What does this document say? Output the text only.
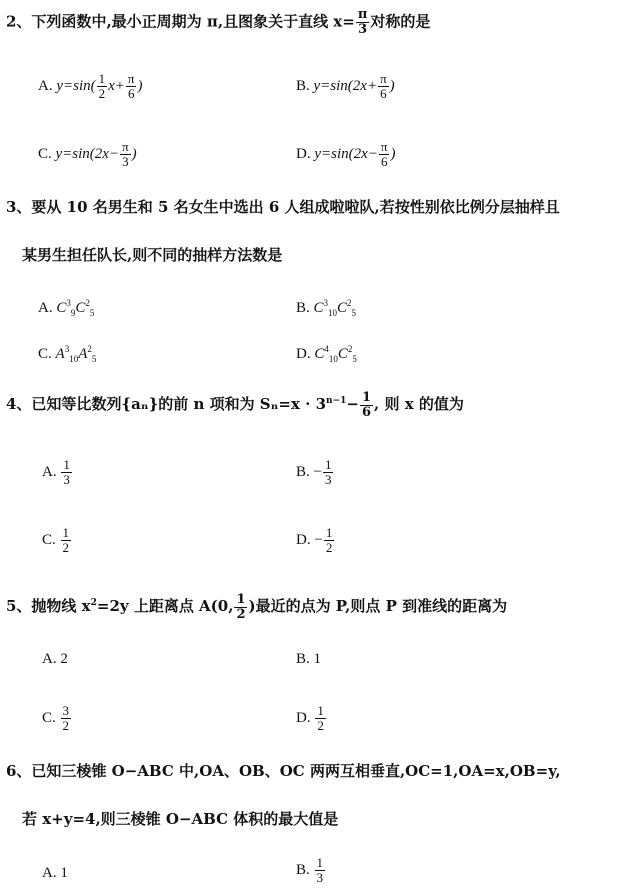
2、下列函数中,最小正周期为 π,且图象关于直线 $x= \frac{\pi}{3}$ 对称的是
A. $y=\sin( \frac{1}{2} x+ \frac{\pi}{6}$ )	B. $y=\sin(2x+ \frac{\pi}{6}$ )
C. $y=\sin(2x- \frac{\pi}{3}$ )	D. $y=\sin(2x- \frac{\pi}{6}$ )
3、要从 10 名男生和 5 名女生中选出 6 人组成啦啦队,若按性别依比例分层抽样且
某男生担任队长,则不同的抽样方法数是
A. $C^3_9C^2_5$	B. $C^3_{10}C^2_5$
C. $A^3_{10}A^2_5$	D. $C^4_{10}C^2_5$
4、已知等比数列{aₙ}的前 n 项和为 $S_n=x \cdot 3^{n-1}- \frac{1}{6}$ , 则 x 的值为
A. $\frac{1}{3}$	B. − $\frac{1}{3}$
C. $\frac{1}{2}$	D. − $\frac{1}{2}$
5、抛物线 $x^2=2y$ 上距离点 A(0, $\frac{1}{2}$ )最近的点为 P,则点 P 到准线的距离为
A. 2	B. 1
C. $\frac{3}{2}$	D. $\frac{1}{2}$
6、已知三棱锥 O−ABC 中,OA、OB、OC 两两互相垂直,OC=1,OA=x,OB=y,
若 x+y=4,则三棱锥 O−ABC 体积的最大值是
A. 1	B. $\frac{1}{3}$
